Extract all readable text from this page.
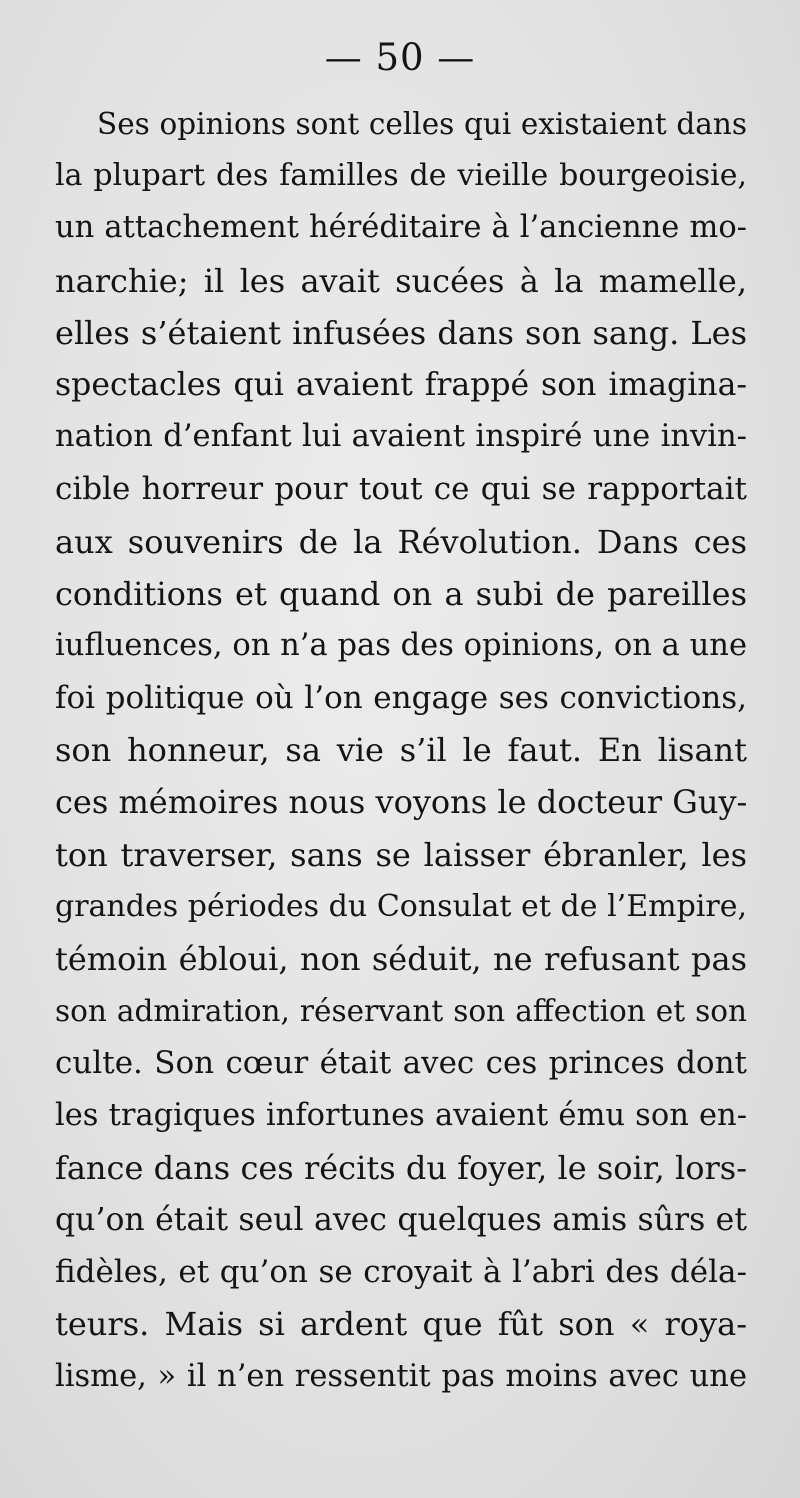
— 50 —
Ses opinions sont celles qui existaient dans
la plupart des familles de vieille bourgeoisie,
un attachement héréditaire à l’ancienne mo-
narchie; il les avait sucées à la mamelle,
elles s’étaient infusées dans son sang. Les
spectacles qui avaient frappé son imagina-
nation d’enfant lui avaient inspiré une invin-
cible horreur pour tout ce qui se rapportait
aux souvenirs de la Révolution. Dans ces
conditions et quand on a subi de pareilles
iufluences, on n’a pas des opinions, on a une
foi politique où l’on engage ses convictions,
son honneur, sa vie s’il le faut. En lisant
ces mémoires nous voyons le docteur Guy-
ton traverser, sans se laisser ébranler, les
grandes périodes du Consulat et de l’Empire,
témoin ébloui, non séduit, ne refusant pas
son admiration, réservant son affection et son
culte. Son cœur était avec ces princes dont
les tragiques infortunes avaient ému son en-
fance dans ces récits du foyer, le soir, lors-
qu’on était seul avec quelques amis sûrs et
fidèles, et qu’on se croyait à l’abri des déla-
teurs. Mais si ardent que fût son « roya-
lisme, » il n’en ressentit pas moins avec une
